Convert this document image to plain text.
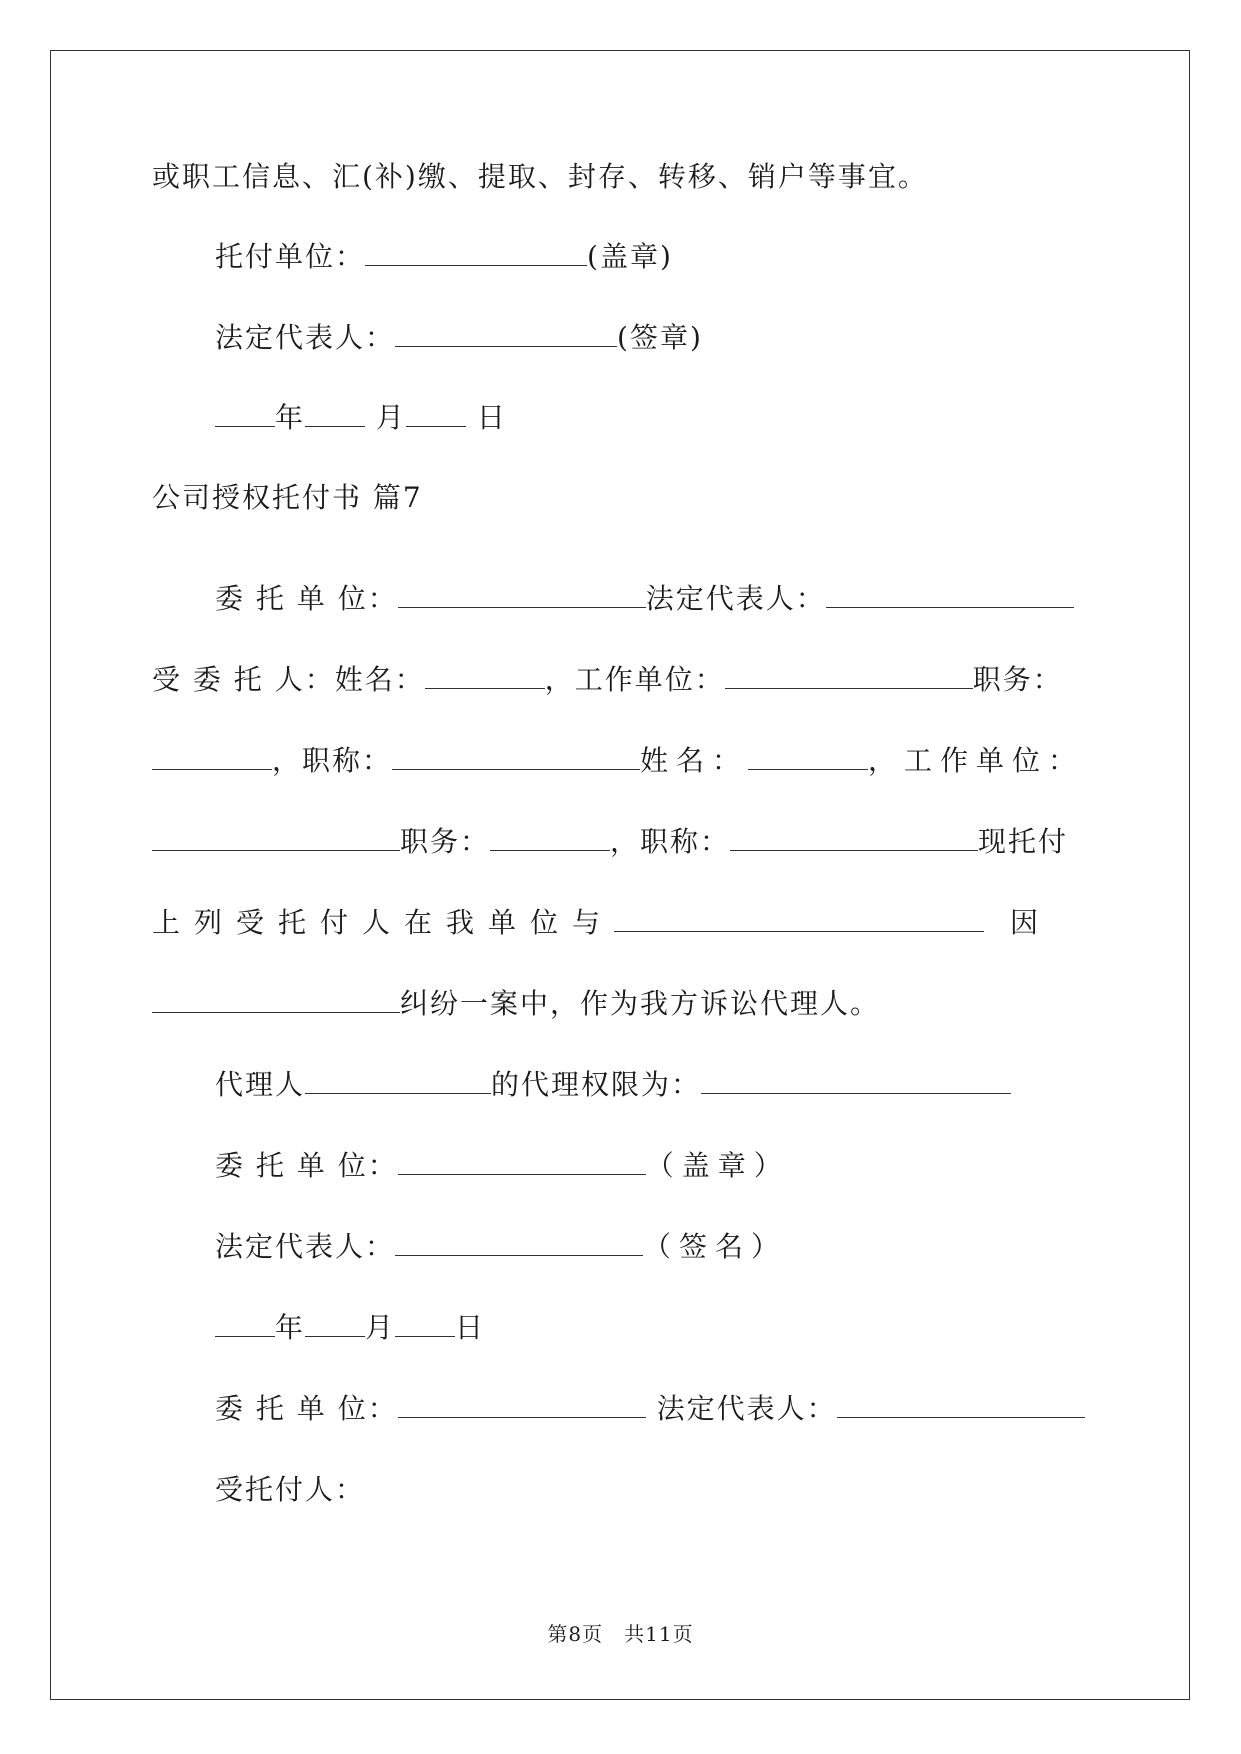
或职工信息、汇(补)缴、提取、封存、转移、销户等事宜。
托付单位：	(盖章)
法定代表人：	(签章)
年	月	日
公司授权托付书 篇7
委 托 单 位：	法定代表人：
受 委 托 人：姓名：	，工作单位：	职务：
，职称：	姓名：	，工作单位：
职务：	，职称：	现托付
上列受托付人在我单位与	因
纠纷一案中，作为我方诉讼代理人。
代理人	的代理权限为：
委 托 单 位：	（盖章）
法定代表人：	（签名）
年 月 日
委 托 单 位：	法定代表人：
受托付人：
第8页　共11页
